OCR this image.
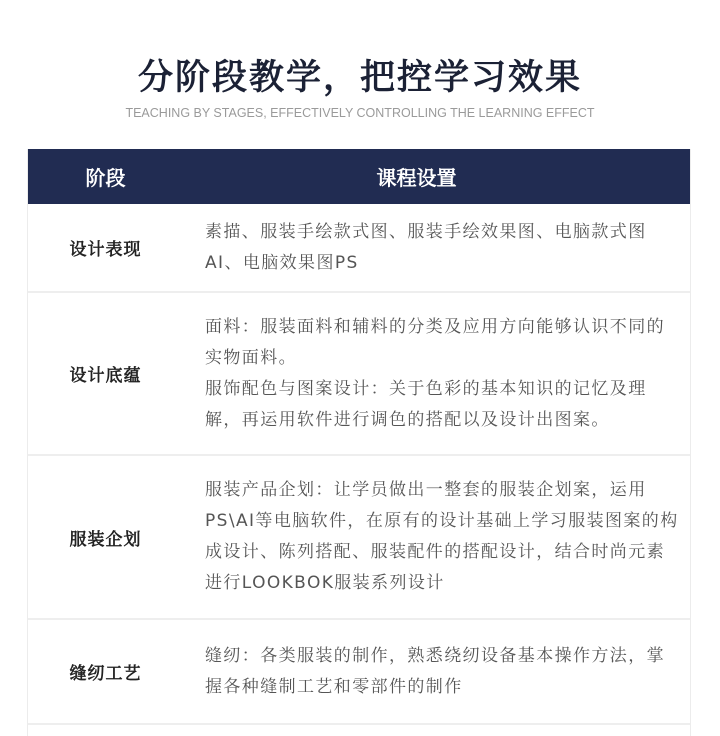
分阶段教学，把控学习效果
TEACHING BY STAGES, EFFECTIVELY CONTROLLING THE LEARNING EFFECT
阶段	课程设置
设计表现

素描、服装手绘款式图、服装手绘效果图、电脑款式图AI、电脑效果图PS

设计底蕴

面料：服装面料和辅料的分类及应用方向能够认识不同的实物面料。

服饰配色与图案设计：关于色彩的基本知识的记忆及理解，再运用软件进行调色的搭配以及设计出图案。

服装企划

服装产品企划：让学员做出一整套的服装企划案，运用PS\AI等电脑软件，在原有的设计基础上学习服装图案的构成设计、陈列搭配、服装配件的搭配设计，结合时尚元素进行LOOKBOK服装系列设计

缝纫工艺

缝纫：各类服装的制作，熟悉绕纫设备基本操作方法，掌握各种缝制工艺和零部件的制作
